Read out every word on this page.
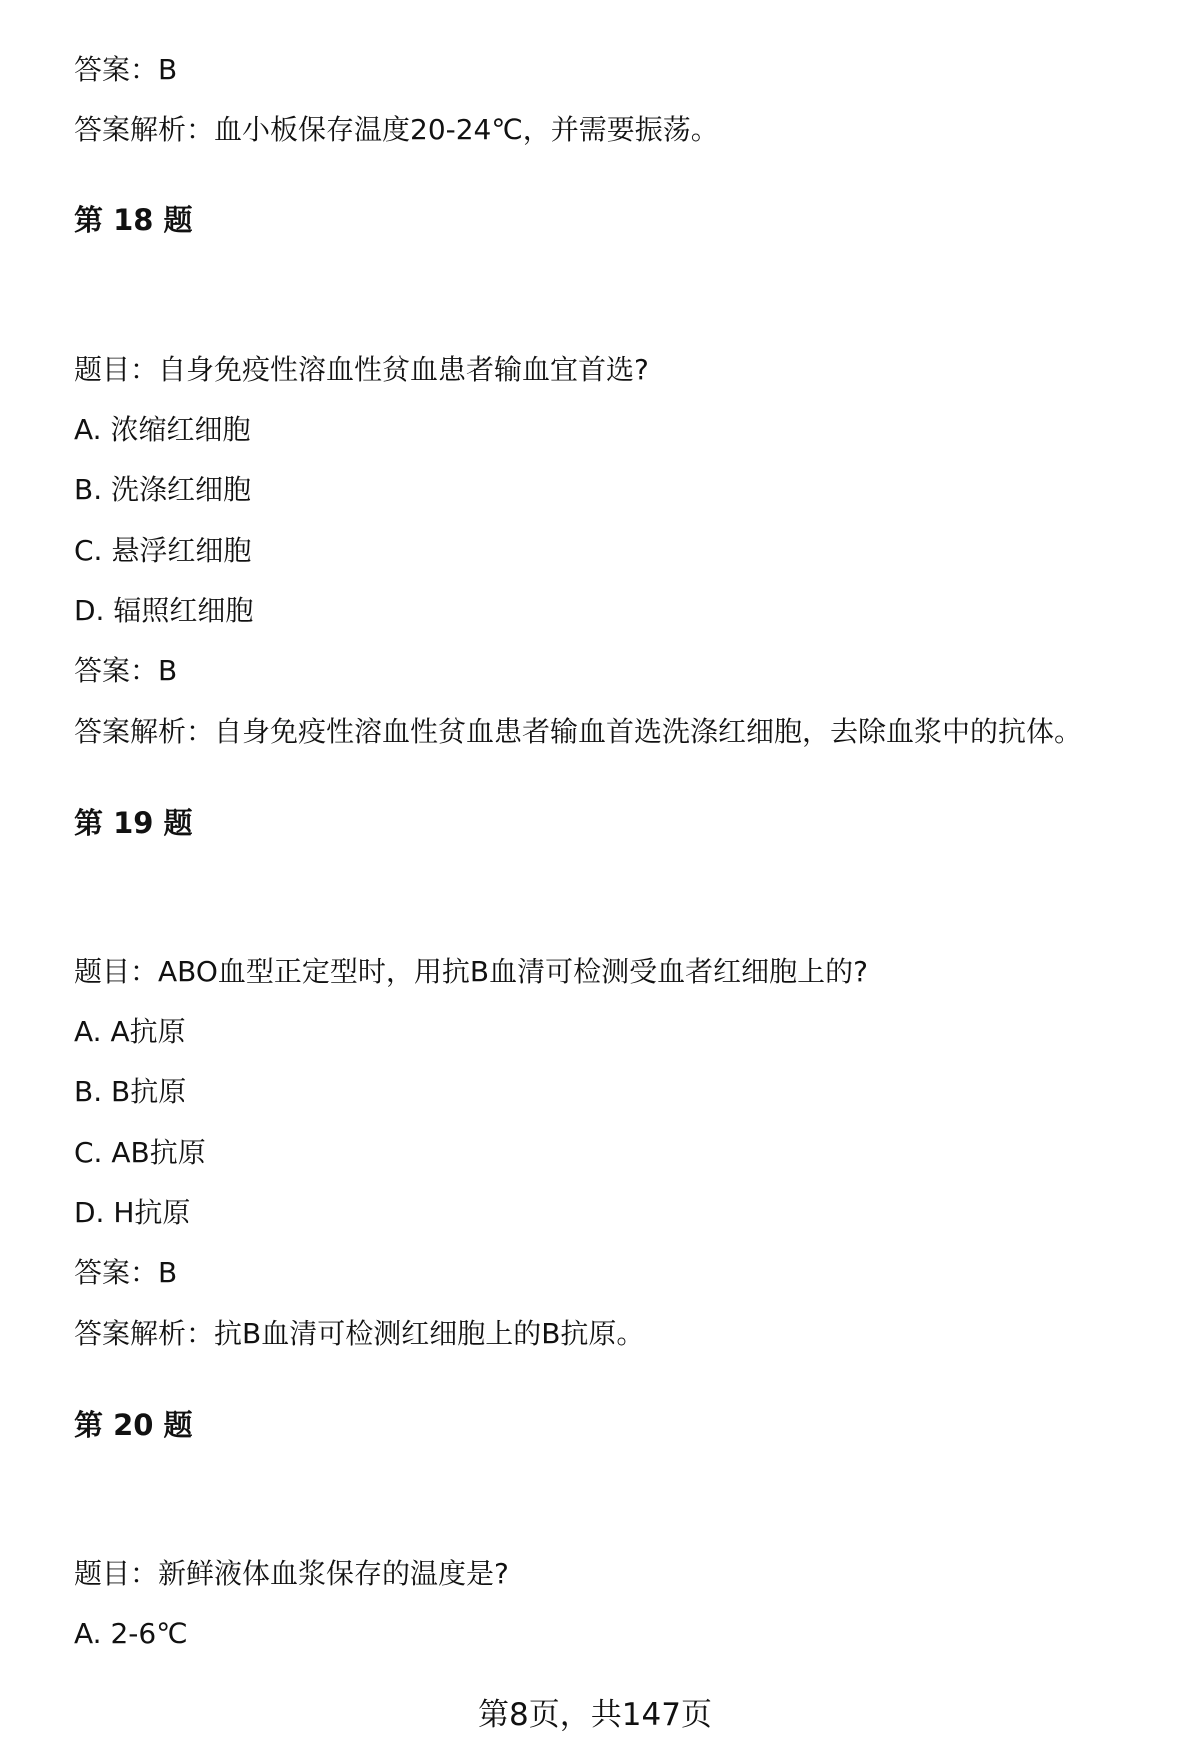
答案：B
答案解析：血小板保存温度20-24℃，并需要振荡。
第 18 题
题目：自身免疫性溶血性贫血患者输血宜首选?
A. 浓缩红细胞
B. 洗涤红细胞
C. 悬浮红细胞
D. 辐照红细胞
答案：B
答案解析：自身免疫性溶血性贫血患者输血首选洗涤红细胞，去除血浆中的抗体。
第 19 题
题目：ABO血型正定型时，用抗B血清可检测受血者红细胞上的?
A. A抗原
B. B抗原
C. AB抗原
D. H抗原
答案：B
答案解析：抗B血清可检测红细胞上的B抗原。
第 20 题
题目：新鲜液体血浆保存的温度是?
A. 2-6℃
第8页，共147页
